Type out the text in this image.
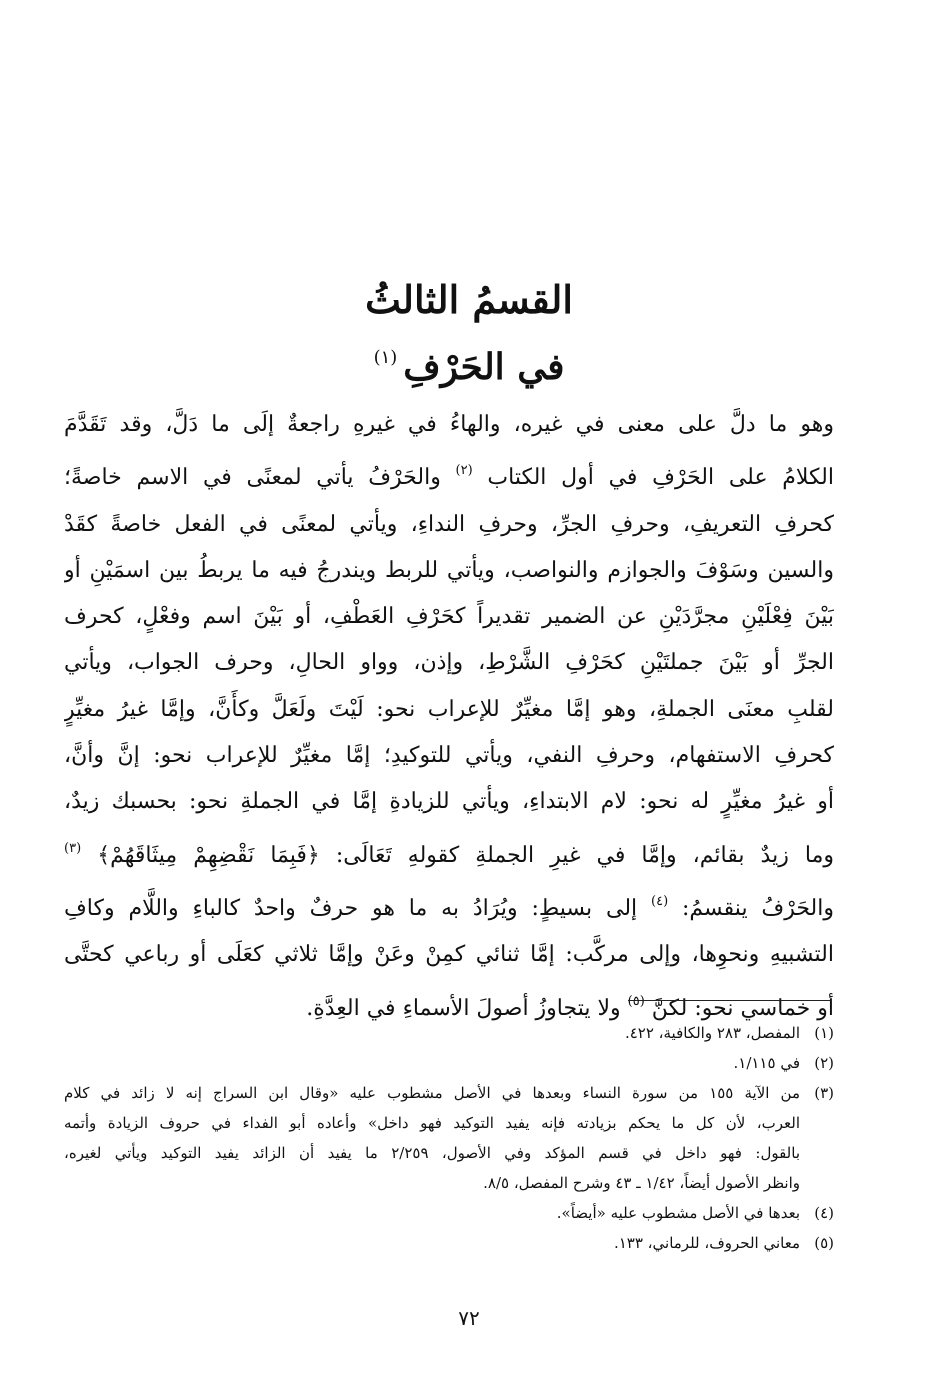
القسمُ الثالثُ
في الحَرْفِ$^{(١)}$
وهو ما دلَّ على معنى في غيره، والهاءُ في غيرهِ راجعةٌ إلَى ما دَلَّ، وقد تَقَدَّمَ
الكلامُ على الحَرْفِ في أول الكتاب $^{(٢)}$ والحَرْفُ يأتي لمعنًى في الاسم خاصةً؛
كحرفِ التعريفِ، وحرفِ الجرِّ، وحرفِ النداءِ، ويأتي لمعنًى في الفعل خاصةً كقَدْ
والسين وسَوْفَ والجوازم والنواصب، ويأتي للربط ويندرجُ فيه ما يربطُ بين اسمَيْنِ أو
بَيْنَ فِعْلَيْنِ مجرَّدَيْنِ عن الضمير تقديراً كحَرْفِ العَطْفِ، أو بَيْنَ اسم وفعْلٍ، كحرف
الجرِّ أو بَيْنَ جملتَيْنِ كحَرْفِ الشَّرْطِ، وإذن، وواو الحالِ، وحرف الجواب، ويأتي
لقلبِ معنَى الجملةِ، وهو إمَّا مغيِّرٌ للإعراب نحو: لَيْتَ ولَعَلَّ وكأَنَّ، وإمَّا غيرُ مغيِّرٍ
كحرفِ الاستفهام، وحرفِ النفي، ويأتي للتوكيدِ؛ إمَّا مغيِّرٌ للإعراب نحو: إنَّ وأنَّ،
أو غيرُ مغيِّرٍ له نحو: لام الابتداءِ، ويأتي للزيادةِ إمَّا في الجملةِ نحو: بحسبك زيدٌ،
وما زيدٌ بقائم، وإمَّا في غيرِ الجملةِ كقولهِ تَعَالَى: ﴿فَبِمَا نَقْضِهِمْ مِيثَاقَهُمْ﴾ $^{(٣)}$
والحَرْفُ ينقسمُ: $^{(٤)}$ إلى بسيطٍ: ويُرَادُ به ما هو حرفٌ واحدٌ كالباءِ واللَّام وكافِ
التشبيهِ ونحوِها، وإلى مركَّب: إمَّا ثنائي كمِنْ وعَنْ وإمَّا ثلاثي كعَلَى أو رباعي كحتَّى
أو خماسي نحو: لكنَّ $^{(٥)}$ ولا يتجاوزُ أصولَ الأسماءِ في العِدَّةِ.
(١)
المفصل، ٢٨٣ والكافية، ٤٢٢.
(٢)
في ١/١١٥.
(٣)
من الآية ١٥٥ من سورة النساء وبعدها في الأصل مشطوب عليه «وقال ابن السراج إنه لا زائد في كلام
العرب، لأن كل ما يحكم بزيادته فإنه يفيد التوكيد فهو داخل» وأعاده أبو الفداء في حروف الزيادة وأتمه
بالقول: فهو داخل في قسم المؤكد وفي الأصول، ٢/٢٥٩ ما يفيد أن الزائد يفيد التوكيد ويأتي لغيره،
وانظر الأصول أيضاً، ١/٤٢ ـ ٤٣ وشرح المفصل، ٨/٥.
(٤)
بعدها في الأصل مشطوب عليه «أيضاً».
(٥)
معاني الحروف، للرماني، ١٣٣.

٧٢
